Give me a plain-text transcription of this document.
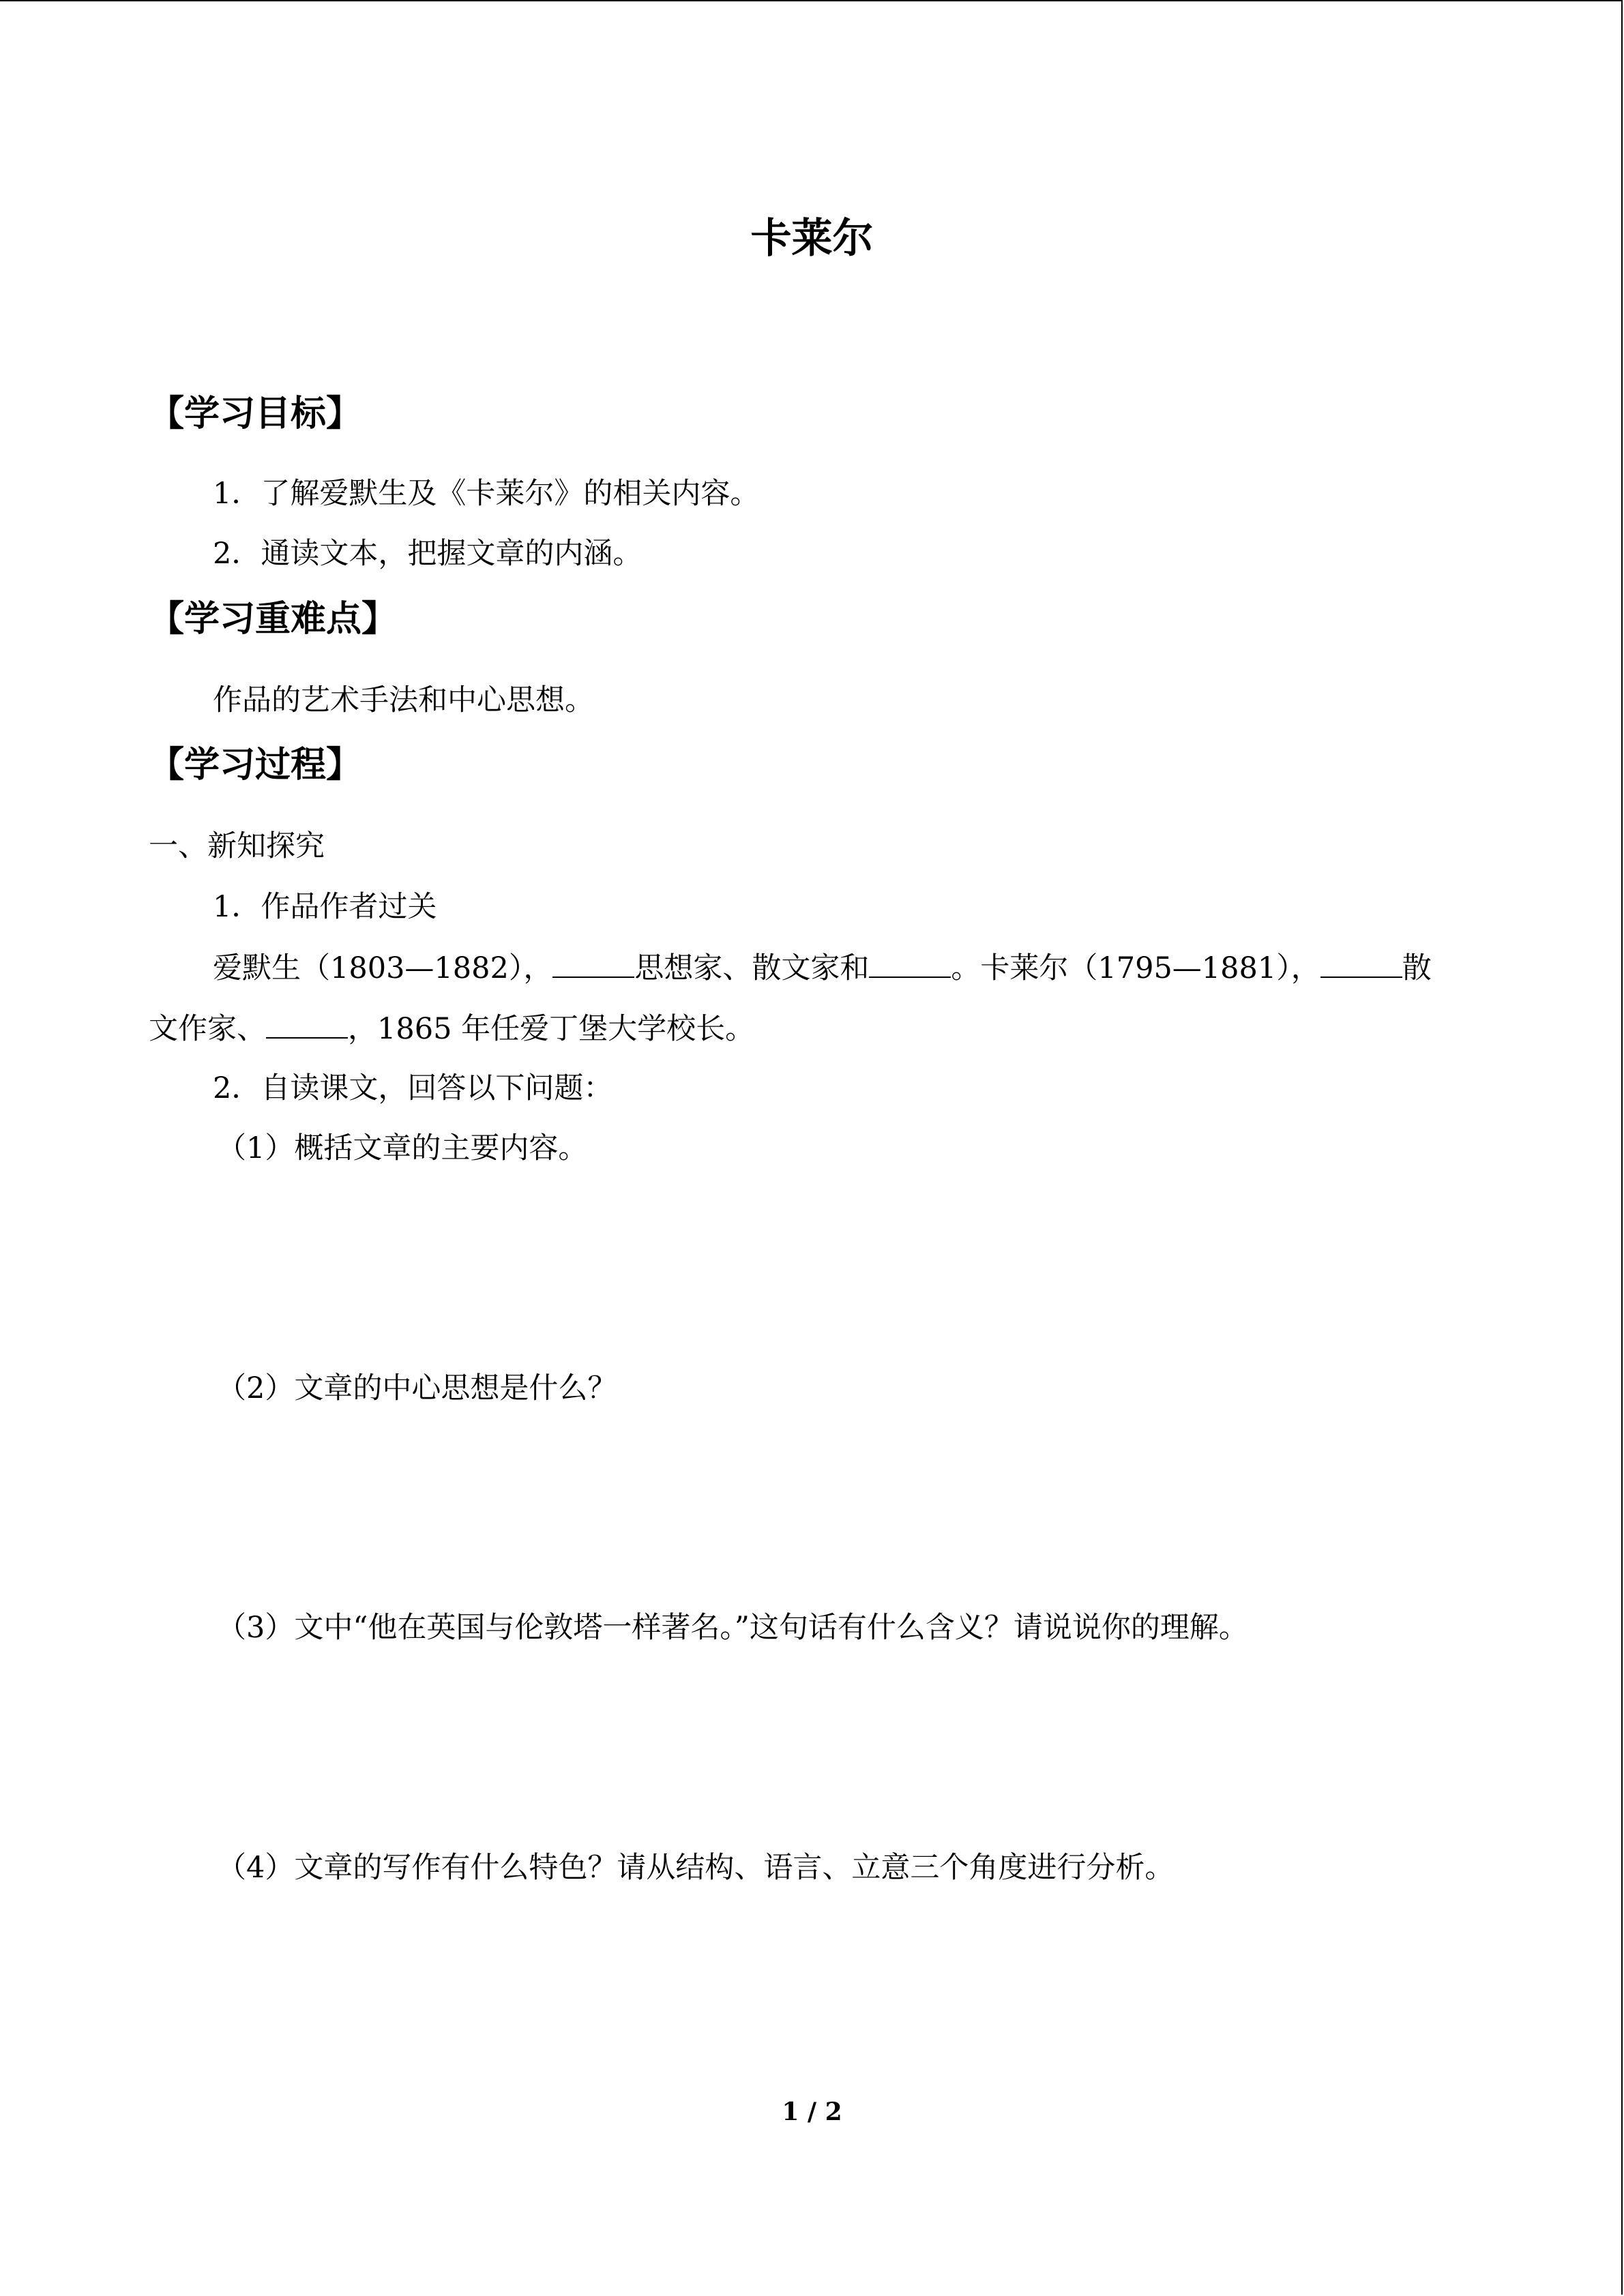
卡莱尔
【学习目标】
1．了解爱默生及《卡莱尔》的相关内容。
2．通读文本，把握文章的内涵。
【学习重难点】
作品的艺术手法和中心思想。
【学习过程】
一、新知探究
1．作品作者过关
爱默生（1803—1882），	思想家、散文家和	。卡莱尔（1795—1881），	散
文作家、	，1865 年任爱丁堡大学校长。
2．自读课文，回答以下问题：
（1）概括文章的主要内容。
（2）文章的中心思想是什么？
（3）文中“他在英国与伦敦塔一样著名。”这句话有什么含义？请说说你的理解。
（4）文章的写作有什么特色？请从结构、语言、立意三个角度进行分析。
1 / 2
